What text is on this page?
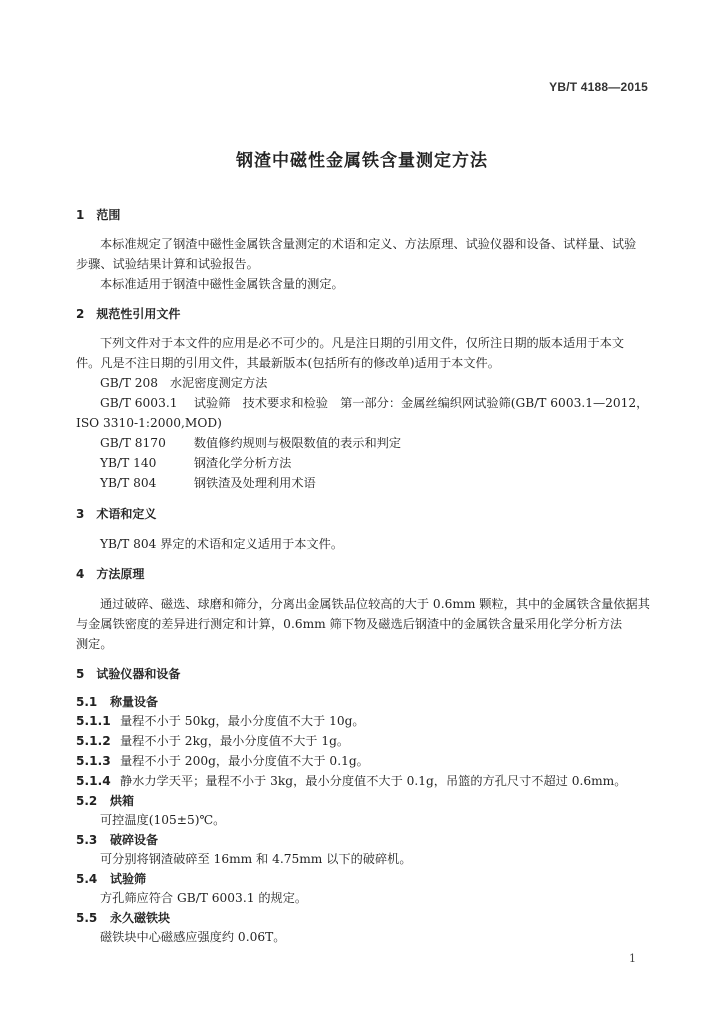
YB/T 4188—2015
钢渣中磁性金属铁含量测定方法
1　范围
本标准规定了钢渣中磁性金属铁含量测定的术语和定义、方法原理、试验仪器和设备、试样量、试验
步骤、试验结果计算和试验报告。
本标准适用于钢渣中磁性金属铁含量的测定。
2　规范性引用文件
下列文件对于本文件的应用是必不可少的。凡是注日期的引用文件，仅所注日期的版本适用于本文
件。凡是不注日期的引用文件，其最新版本(包括所有的修改单)适用于本文件。
GB/T 208 水泥密度测定方法
GB/T 6003.1 试验筛　技术要求和检验　第一部分：金属丝编织网试验筛(GB/T 6003.1—2012，
ISO 3310-1:2000,MOD)
GB/T 8170 数值修约规则与极限数值的表示和判定
YB/T 140	钢渣化学分析方法
YB/T 804	钢铁渣及处理利用术语
3　术语和定义
YB/T 804 界定的术语和定义适用于本文件。
4　方法原理
通过破碎、磁选、球磨和筛分，分离出金属铁品位较高的大于 0.6mm 颗粒，其中的金属铁含量依据其
与金属铁密度的差异进行测定和计算，0.6mm 筛下物及磁选后钢渣中的金属铁含量采用化学分析方法
测定。
5　试验仪器和设备
5.1 称量设备
5.1.1 量程不小于 50kg，最小分度值不大于 10g。
5.1.2 量程不小于 2kg，最小分度值不大于 1g。
5.1.3 量程不小于 200g，最小分度值不大于 0.1g。
5.1.4 静水力学天平；量程不小于 3kg，最小分度值不大于 0.1g，吊篮的方孔尺寸不超过 0.6mm。
5.2 烘箱
可控温度(105±5)℃。
5.3 破碎设备
可分别将钢渣破碎至 16mm 和 4.75mm 以下的破碎机。
5.4 试验筛
方孔筛应符合 GB/T 6003.1 的规定。
5.5 永久磁铁块
磁铁块中心磁感应强度约 0.06T。
1
